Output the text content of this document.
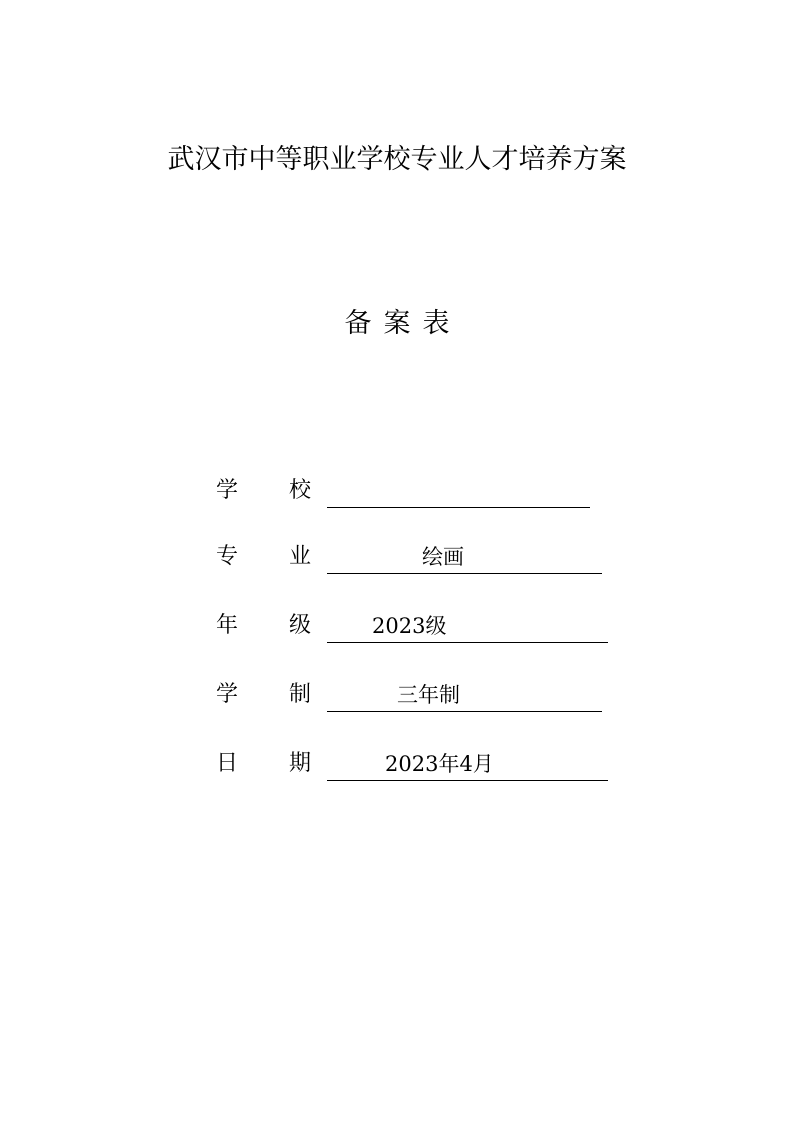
武汉市中等职业学校专业人才培养方案
备案表
学 校
专 业	绘画
年 级	2023级
学 制	三年制
日 期	2023年4月
